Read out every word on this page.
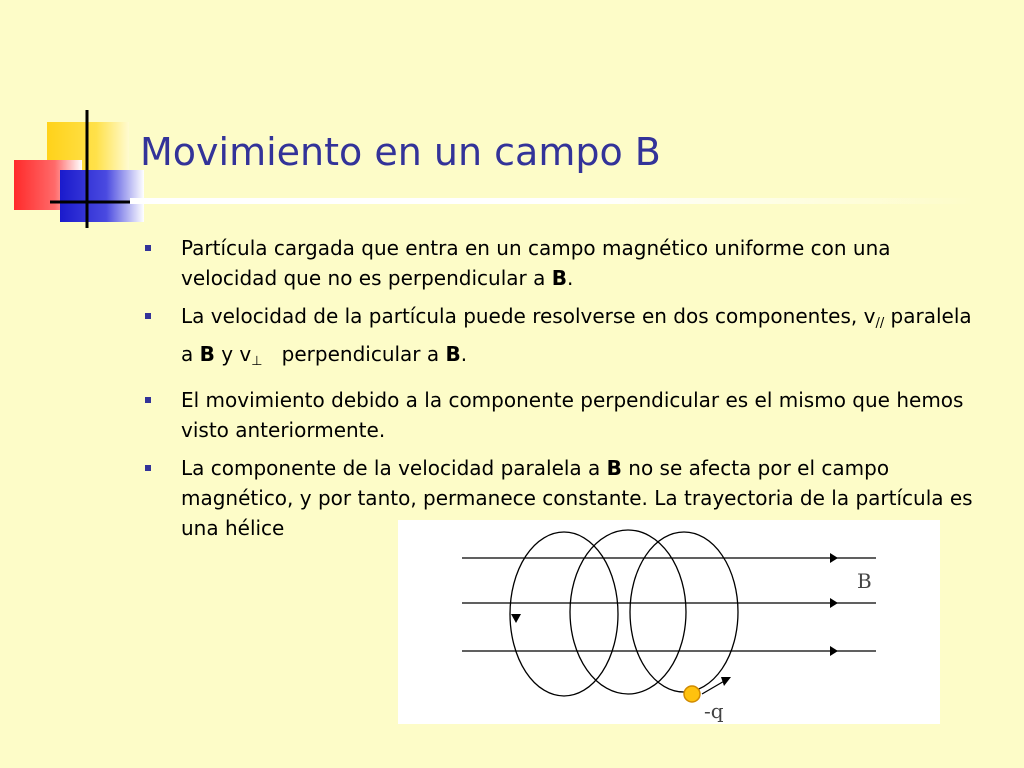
Movimiento en un campo B
Partícula cargada que entra en un campo magnético uniforme con una velocidad que no es perpendicular a B.
La velocidad de la partícula puede resolverse en dos componentes, $v_{//}$ paralela a B y $v_\perp$   perpendicular a B.
El movimiento debido a la componente perpendicular es el mismo que hemos visto anteriormente.
La componente de la velocidad paralela a B no se afecta por el campo magnético, y por tanto, permanece constante. La trayectoria de la partícula es una hélice
B
-q
